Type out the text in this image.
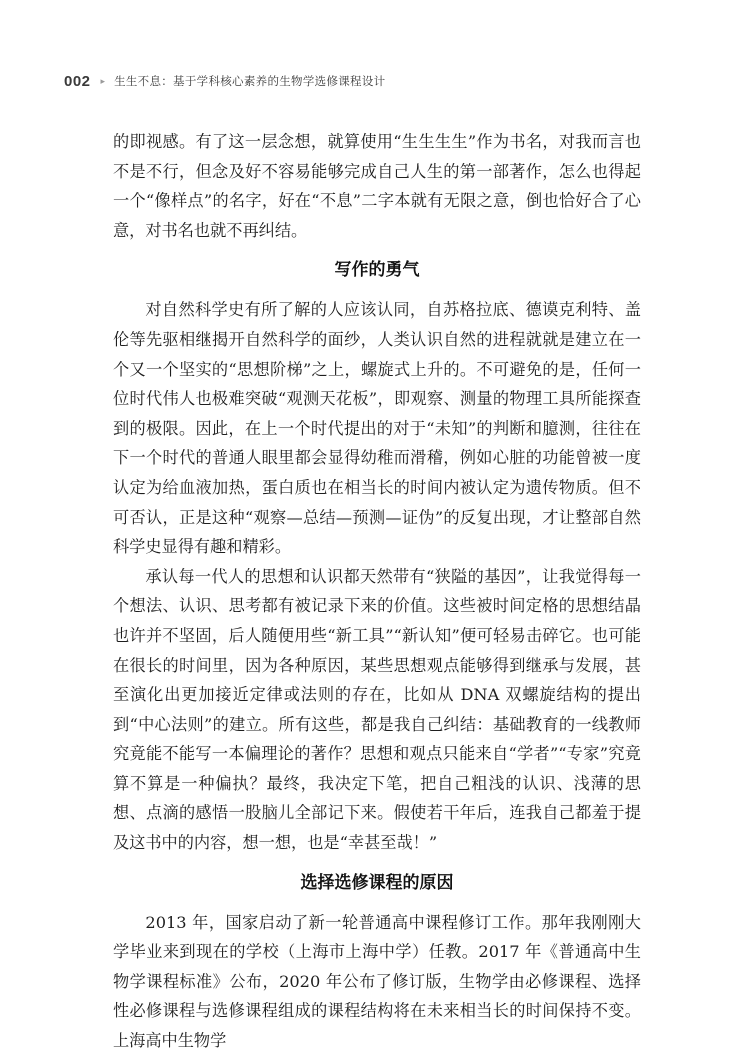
002 ▸ 生生不息：基于学科核心素养的生物学选修课程设计

的即视感。有了这一层念想，就算使用“生生生生”作为书名，对我而言也不是不行，但念及好不容易能够完成自己人生的第一部著作，怎么也得起一个“像样点”的名字，好在“不息”二字本就有无限之意，倒也恰好合了心意，对书名也就不再纠结。

写作的勇气

对自然科学史有所了解的人应该认同，自苏格拉底、德谟克利特、盖伦等先驱相继揭开自然科学的面纱，人类认识自然的进程就就是建立在一个又一个坚实的“思想阶梯”之上，螺旋式上升的。不可避免的是，任何一位时代伟人也极难突破“观测天花板”，即观察、测量的物理工具所能探查到的极限。因此，在上一个时代提出的对于“未知”的判断和臆测，往往在下一个时代的普通人眼里都会显得幼稚而滑稽，例如心脏的功能曾被一度认定为给血液加热，蛋白质也在相当长的时间内被认定为遗传物质。但不可否认，正是这种“观察—总结—预测—证伪”的反复出现，才让整部自然科学史显得有趣和精彩。

承认每一代人的思想和认识都天然带有“狭隘的基因”，让我觉得每一个想法、认识、思考都有被记录下来的价值。这些被时间定格的思想结晶也许并不坚固，后人随便用些“新工具”“新认知”便可轻易击碎它。也可能在很长的时间里，因为各种原因，某些思想观点能够得到继承与发展，甚至演化出更加接近定律或法则的存在，比如从 DNA 双螺旋结构的提出到“中心法则”的建立。所有这些，都是我自己纠结：基础教育的一线教师究竟能不能写一本偏理论的著作？思想和观点只能来自“学者”“专家”究竟算不算是一种偏执？最终，我决定下笔，把自己粗浅的认识、浅薄的思想、点滴的感悟一股脑儿全部记下来。假使若干年后，连我自己都羞于提及这书中的内容，想一想，也是“幸甚至哉！”

选择选修课程的原因

2013 年，国家启动了新一轮普通高中课程修订工作。那年我刚刚大学毕业来到现在的学校（上海市上海中学）任教。2017 年《普通高中生物学课程标准》公布，2020 年公布了修订版，生物学由必修课程、选择性必修课程与选修课程组成的课程结构将在未来相当长的时间保持不变。上海高中生物学
